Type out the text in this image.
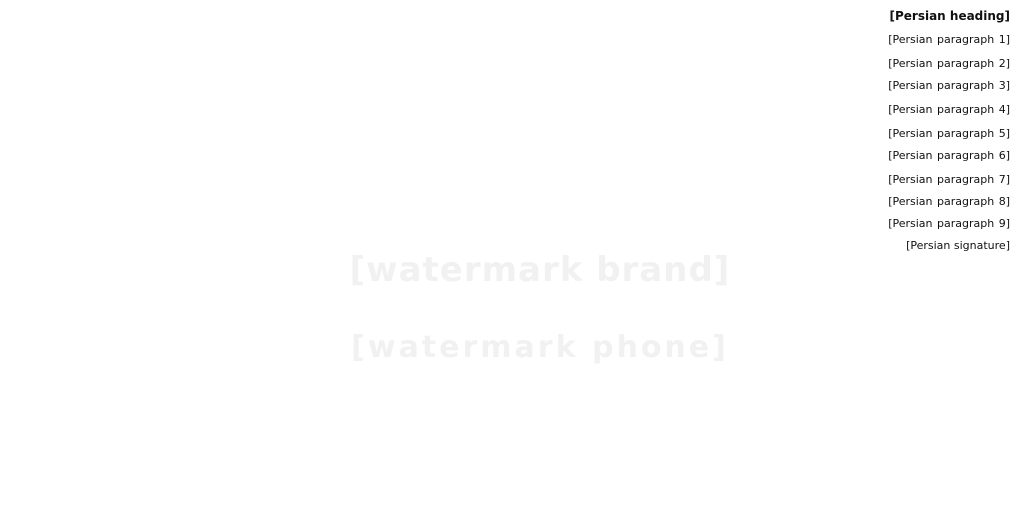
[Persian heading]

[Persian paragraph 1]

[Persian paragraph 2]

[Persian paragraph 3]

[Persian paragraph 4]

[Persian paragraph 5]

[Persian paragraph 6]

[Persian paragraph 7]

[Persian paragraph 8]

[Persian paragraph 9]

[Persian signature]
[watermark brand]
[watermark phone]
